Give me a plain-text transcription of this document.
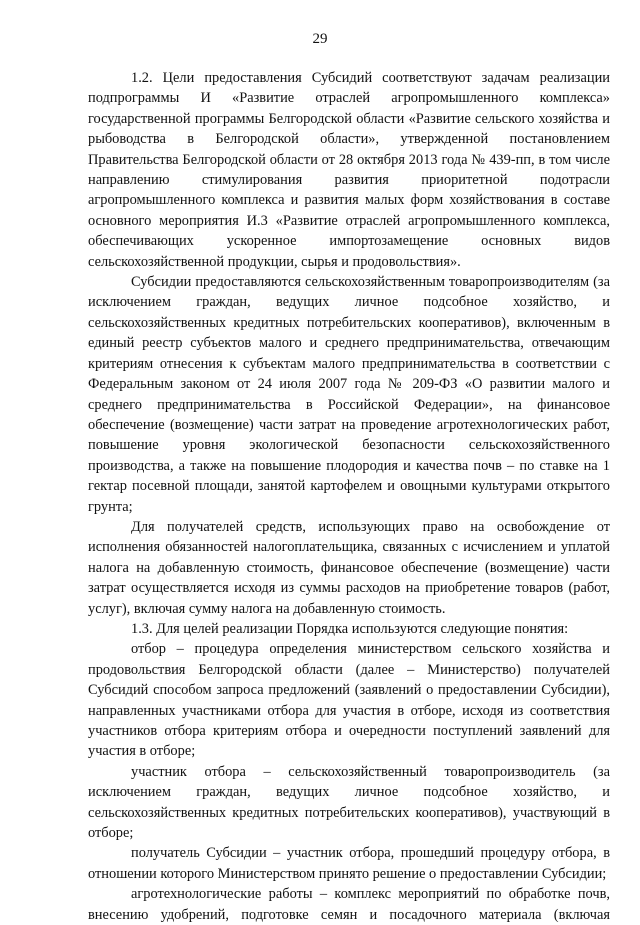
29

1.2. Цели предоставления Субсидий соответствуют задачам реализации подпрограммы И «Развитие отраслей агропромышленного комплекса» государственной программы Белгородской области «Развитие сельского хозяйства и рыбоводства в Белгородской области», утвержденной постановлением Правительства Белгородской области от 28 октября 2013 года № 439-пп, в том числе направлению стимулирования развития приоритетной подотрасли агропромышленного комплекса и развития малых форм хозяйствования в составе основного мероприятия И.3 «Развитие отраслей агропромышленного комплекса, обеспечивающих ускоренное импортозамещение основных видов сельскохозяйственной продукции, сырья и продовольствия».

Субсидии предоставляются сельскохозяйственным товаропроизводителям (за исключением граждан, ведущих личное подсобное хозяйство, и сельскохозяйственных кредитных потребительских кооперативов), включенным в единый реестр субъектов малого и среднего предпринимательства, отвечающим критериям отнесения к субъектам малого предпринимательства в соответствии с Федеральным законом от 24 июля 2007 года № 209-ФЗ «О развитии малого и среднего предпринимательства в Российской Федерации», на финансовое обеспечение (возмещение) части затрат на проведение агротехнологических работ, повышение уровня экологической безопасности сельскохозяйственного производства, а также на повышение плодородия и качества почв – по ставке на 1 гектар посевной площади, занятой картофелем и овощными культурами открытого грунта;

Для получателей средств, использующих право на освобождение от исполнения обязанностей налогоплательщика, связанных с исчислением и уплатой налога на добавленную стоимость, финансовое обеспечение (возмещение) части затрат осуществляется исходя из суммы расходов на приобретение товаров (работ, услуг), включая сумму налога на добавленную стоимость.

1.3. Для целей реализации Порядка используются следующие понятия:

отбор – процедура определения министерством сельского хозяйства и продовольствия Белгородской области (далее – Министерство) получателей Субсидий способом запроса предложений (заявлений о предоставлении Субсидии), направленных участниками отбора для участия в отборе, исходя из соответствия участников отбора критериям отбора и очередности поступлений заявлений для участия в отборе;

участник отбора – сельскохозяйственный товаропроизводитель (за исключением граждан, ведущих личное подсобное хозяйство, и сельскохозяйственных кредитных потребительских кооперативов), участвующий в отборе;

получатель Субсидии – участник отбора, прошедший процедуру отбора, в отношении которого Министерством принято решение о предоставлении Субсидии;

агротехнологические работы – комплекс мероприятий по обработке почв, внесению удобрений, подготовке семян и посадочного материала (включая
